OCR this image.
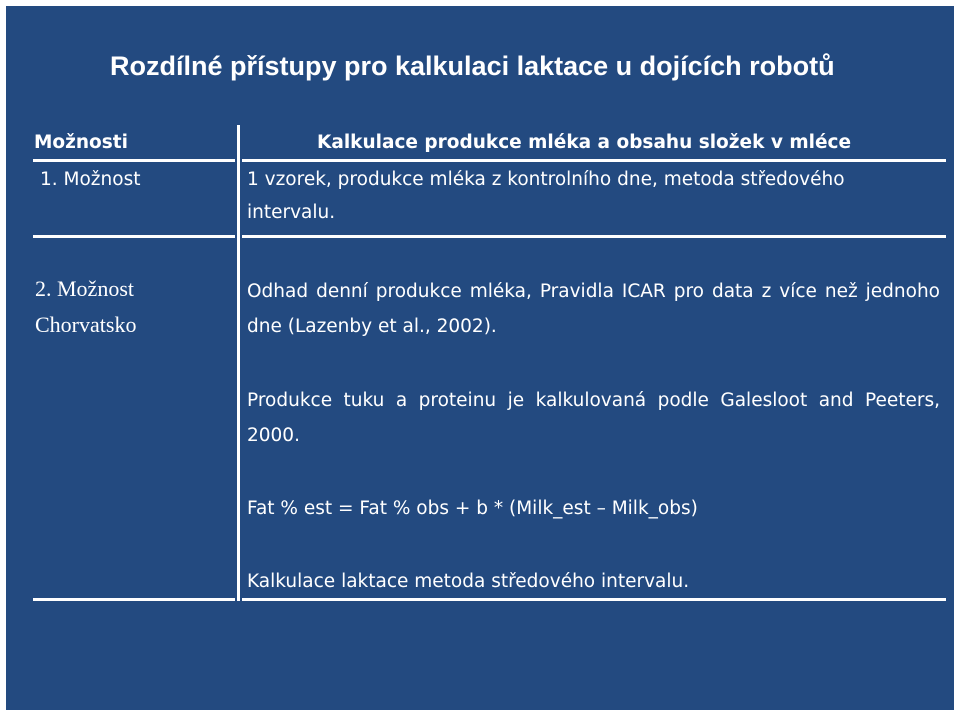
Rozdílné přístupy pro kalkulaci laktace u dojících robotů
Možnosti	Kalkulace produkce mléka a obsahu složek v mléce
1. Možnost	1 vzorek, produkce mléka z kontrolního dne, metoda středového
intervalu.
2. Možnost
Chorvatsko
Odhad denní produkce mléka, Pravidla ICAR pro data z více než jednoho dne (Lazenby et al., 2002).
Produkce tuku a proteinu je kalkulovaná podle Galesloot and Peeters, 2000.
Fat % est = Fat % obs + b * (Milk_est – Milk_obs)
Kalkulace laktace metoda středového intervalu.
